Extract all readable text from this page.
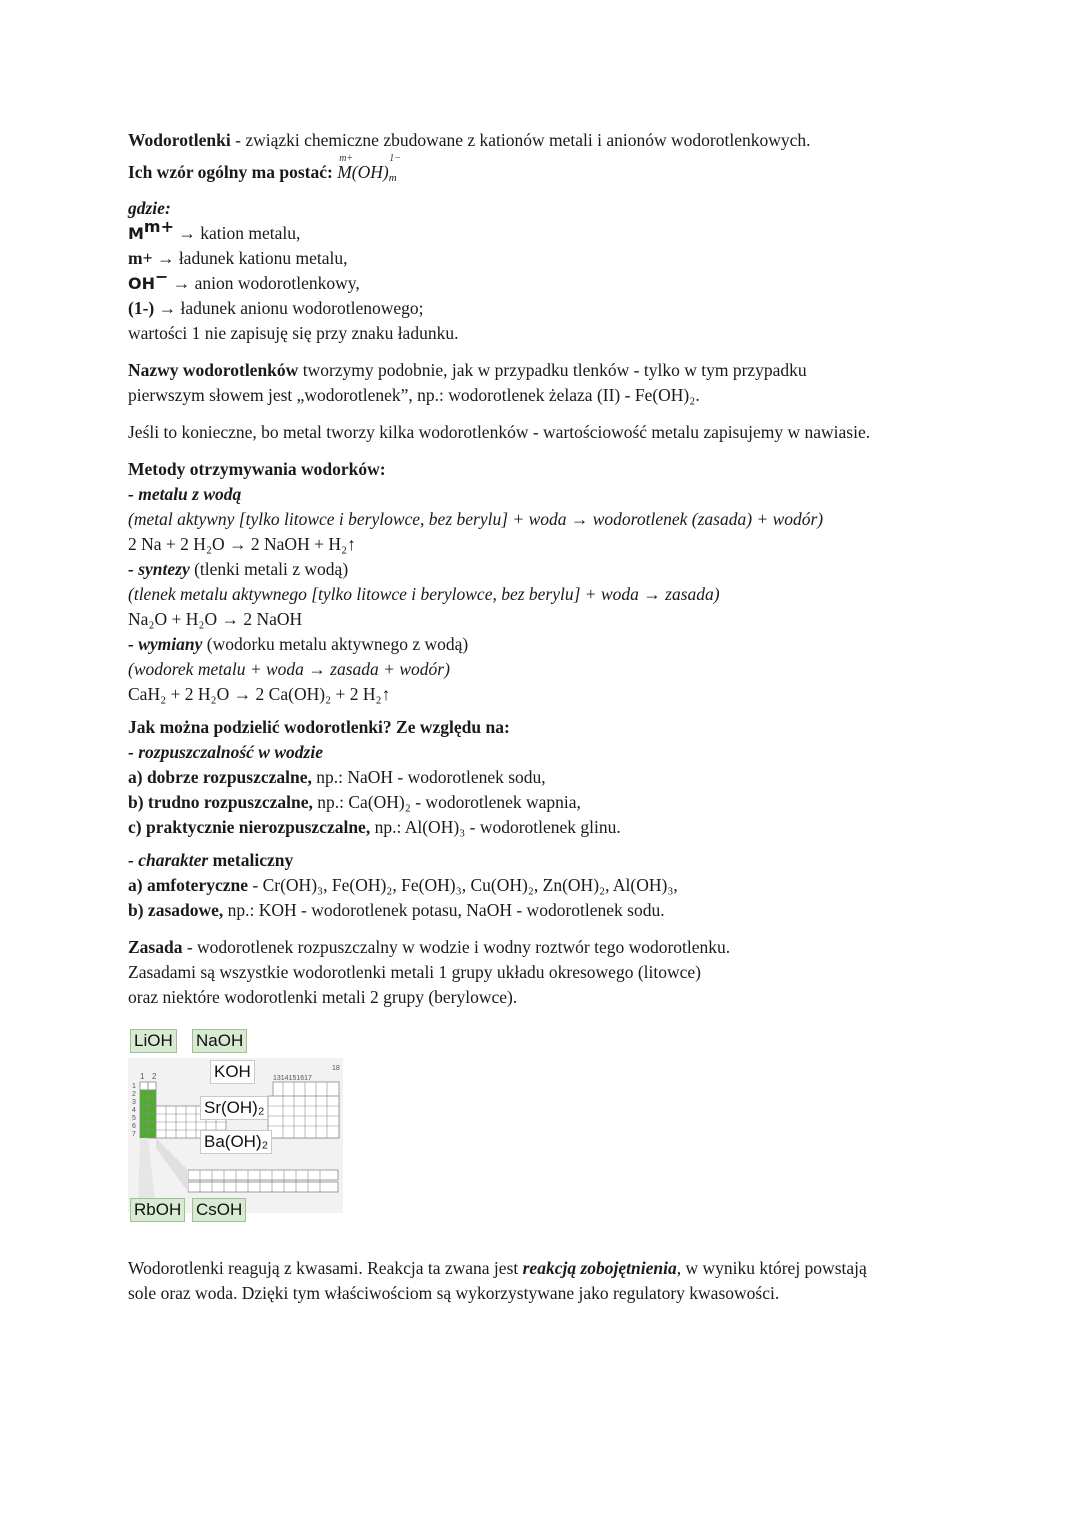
Wodorotlenki - związki chemiczne zbudowane z kationów metali i anionów wodorotlenkowych.

Ich wzór ogólny ma postać:
m+	1−
M(OH)m

gdzie:

Mm+ → kation metalu,

m+ → ładunek kationu metalu,

OH− → anion wodorotlenkowy,

(1-) → ładunek anionu wodorotlenowego;

wartości 1 nie zapisuję się przy znaku ładunku.

Nazwy wodorotlenków tworzymy podobnie, jak w przypadku tlenków - tylko w tym przypadku

pierwszym słowem jest „wodorotlenek”, np.: wodorotlenek żelaza (II) - Fe(OH)₂.

Jeśli to konieczne, bo metal tworzy kilka wodorotlenków - wartościowość metalu zapisujemy w nawiasie.

Metody otrzymywania wodorków:

- metalu z wodą

(metal aktywny [tylko litowce i berylowce, bez berylu] + woda → wodorotlenek (zasada) + wodór)

2 Na + 2 H₂O → 2 NaOH + H₂↑

- syntezy (tlenki metali z wodą)

(tlenek metalu aktywnego [tylko litowce i berylowce, bez berylu] + woda → zasada)

Na₂O + H₂O → 2 NaOH

- wymiany (wodorku metalu aktywnego z wodą)

(wodorek metalu + woda → zasada + wodór)

CaH₂ + 2 H₂O → 2 Ca(OH)₂ + 2 H₂↑

Jak można podzielić wodorotlenki? Ze względu na:

- rozpuszczalność w wodzie

a) dobrze rozpuszczalne, np.: NaOH - wodorotlenek sodu,

b) trudno rozpuszczalne, np.: Ca(OH)₂ - wodorotlenek wapnia,

c) praktycznie nierozpuszczalne, np.: Al(OH)₃ - wodorotlenek glinu.

- charakter metaliczny

a) amfoteryczne - Cr(OH)₃, Fe(OH)₂, Fe(OH)₃, Cu(OH)₂, Zn(OH)₂, Al(OH)₃,

b) zasadowe, np.: KOH - wodorotlenek potasu, NaOH - wodorotlenek sodu.

Zasada - wodorotlenek rozpuszczalny w wodzie i wodny roztwór tego wodorotlenku.

Zasadami są wszystkie wodorotlenki metali 1 grupy układu okresowego (litowce)

oraz niektóre wodorotlenki metali 2 grupy (berylowce).

1314151617
18
1 2
1
2
3
4
5
6
7
LiOH NaOH
KOH
Sr(OH)₂
Ba(OH)₂
RbOH CsOH

Wodorotlenki reagują z kwasami. Reakcja ta zwana jest reakcją zobojętnienia, w wyniku której powstają

sole oraz woda. Dzięki tym właściwościom są wykorzystywane jako regulatory kwasowości.
